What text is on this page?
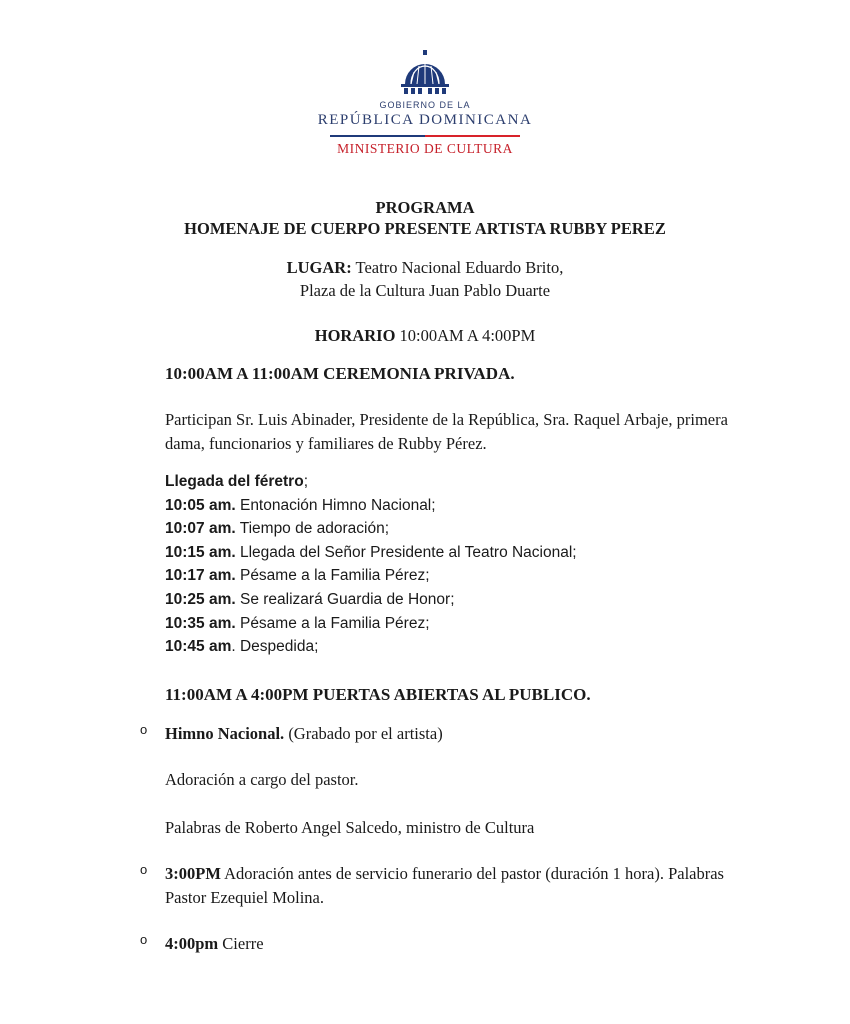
GOBIERNO DE LA
REPÚBLICA DOMINICANA
MINISTERIO DE CULTURA
PROGRAMA
HOMENAJE DE CUERPO PRESENTE ARTISTA RUBBY PEREZ
LUGAR: Teatro Nacional Eduardo Brito,
Plaza de la Cultura Juan Pablo Duarte
HORARIO 10:00AM A 4:00PM
10:00AM A 11:00AM CEREMONIA PRIVADA.
Participan Sr. Luis Abinader, Presidente de la República, Sra. Raquel Arbaje, primera dama, funcionarios y familiares de Rubby Pérez.
Llegada del féretro;
10:05 am. Entonación Himno Nacional;
10:07 am. Tiempo de adoración;
10:15 am. Llegada del Señor Presidente al Teatro Nacional;
10:17 am. Pésame a la Familia Pérez;
10:25 am. Se realizará Guardia de Honor;
10:35 am. Pésame a la Familia Pérez;
10:45 am. Despedida;
11:00AM A 4:00PM PUERTAS ABIERTAS AL PUBLICO.
o Himno Nacional. (Grabado por el artista)
Adoración a cargo del pastor.
Palabras de Roberto Angel Salcedo, ministro de Cultura
o 3:00PM Adoración antes de servicio funerario del pastor (duración 1 hora). Palabras Pastor Ezequiel Molina.
o 4:00pm Cierre
